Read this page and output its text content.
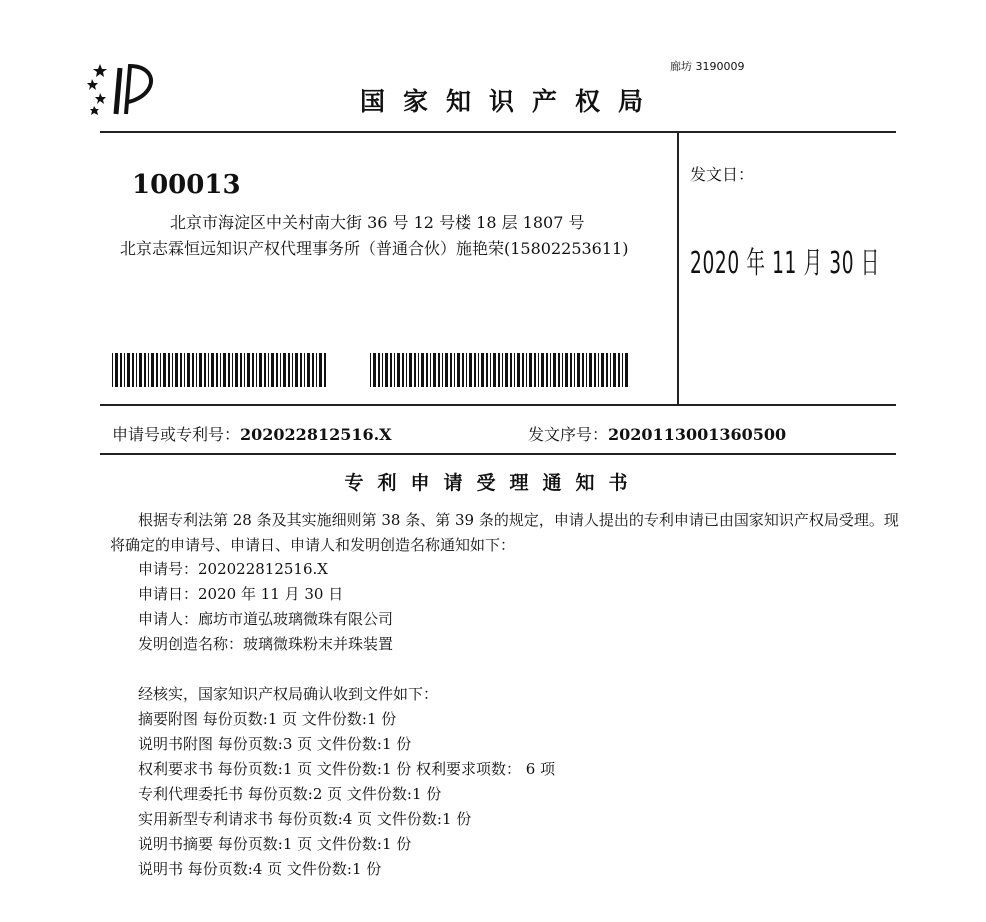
廊坊 3190009
国家知识产权局
100013
北京市海淀区中关村南大街 36 号 12 号楼 18 层 1807 号
北京志霖恒远知识产权代理事务所（普通合伙）施艳荣(15802253611)
发文日：
2020 年 11 月 30 日
申请号或专利号：202022812516.X	发文序号：2020113001360500
专利申请受理通知书
根据专利法第 28 条及其实施细则第 38 条、第 39 条的规定，申请人提出的专利申请已由国家知识产权局受理。现将确定的申请号、申请日、申请人和发明创造名称通知如下：
申请号：202022812516.X
申请日：2020 年 11 月 30 日
申请人：廊坊市道弘玻璃微珠有限公司
发明创造名称：玻璃微珠粉末并珠装置
经核实，国家知识产权局确认收到文件如下：
摘要附图 每份页数:1 页 文件份数:1 份
说明书附图 每份页数:3 页 文件份数:1 份
权利要求书 每份页数:1 页 文件份数:1 份 权利要求项数： 6 项
专利代理委托书 每份页数:2 页 文件份数:1 份
实用新型专利请求书 每份页数:4 页 文件份数:1 份
说明书摘要 每份页数:1 页 文件份数:1 份
说明书 每份页数:4 页 文件份数:1 份
